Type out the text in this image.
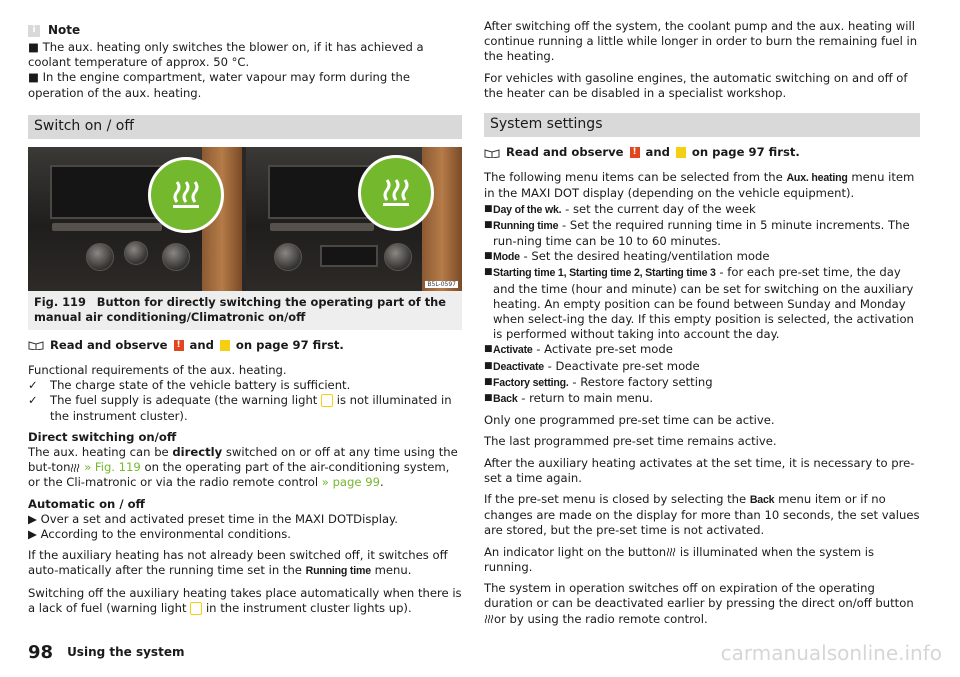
i	Note

■ The aux. heating only switches the blower on, if it has achieved a coolant temperature of approx. 50 °C.

■ In the engine compartment, water vapour may form during the operation of the aux. heating.

Switch on / off
B5L-0597
Fig. 119 Button for directly switching the operating part of the manual air conditioning/Climatronic on/off
Read and observe ! and on page 97 first.

Functional requirements of the aux. heating.

✓	The charge state of the vehicle battery is sufficient.
✓	The fuel supply is adequate (the warning light is not illuminated in the instrument cluster).

Direct switching on/off

The aux. heating can be directly switched on or off at any time using the but-ton » Fig. 119 on the operating part of the air-conditioning system, or the Cli-matronic or via the radio remote control » page 99.

Automatic on / off

▶ Over a set and activated preset time in the MAXI DOTDisplay.

▶ According to the environmental conditions.

If the auxiliary heating has not already been switched off, it switches off auto-matically after the running time set in the Running time menu.

Switching off the auxiliary heating takes place automatically when there is a lack of fuel (warning light in the instrument cluster lights up).

After switching off the system, the coolant pump and the aux. heating will continue running a little while longer in order to burn the remaining fuel in the heating.

For vehicles with gasoline engines, the automatic switching on and off of the heater can be disabled in a specialist workshop.

System settings
Read and observe ! and on page 97 first.

The following menu items can be selected from the Aux. heating menu item in the MAXI DOT display (depending on the vehicle equipment).

■ Day of the wk. - set the current day of the week
■ Running time - Set the required running time in 5 minute increments. The run-ning time can be 10 to 60 minutes.
■ Mode - Set the desired heating/ventilation mode
■ Starting time 1, Starting time 2, Starting time 3 - for each pre-set time, the day and the time (hour and minute) can be set for switching on the auxiliary heating. An empty position can be found between Sunday and Monday when select-ing the day. If this empty position is selected, the activation is performed without taking into account the day.
■ Activate - Activate pre-set mode
■ Deactivate - Deactivate pre-set mode
■ Factory setting. - Restore factory setting
■ Back - return to main menu.

Only one programmed pre-set time can be active.

The last programmed pre-set time remains active.

After the auxiliary heating activates at the set time, it is necessary to pre-set a time again.

If the pre-set menu is closed by selecting the Back menu item or if no changes are made on the display for more than 10 seconds, the set values are stored, but the pre-set time is not activated.

An indicator light on the button is illuminated when the system is running.

The system in operation switches off on expiration of the operating duration or can be deactivated earlier by pressing the direct on/off buttonor by using the radio remote control.

98 Using the system	carmanualsonline.info
